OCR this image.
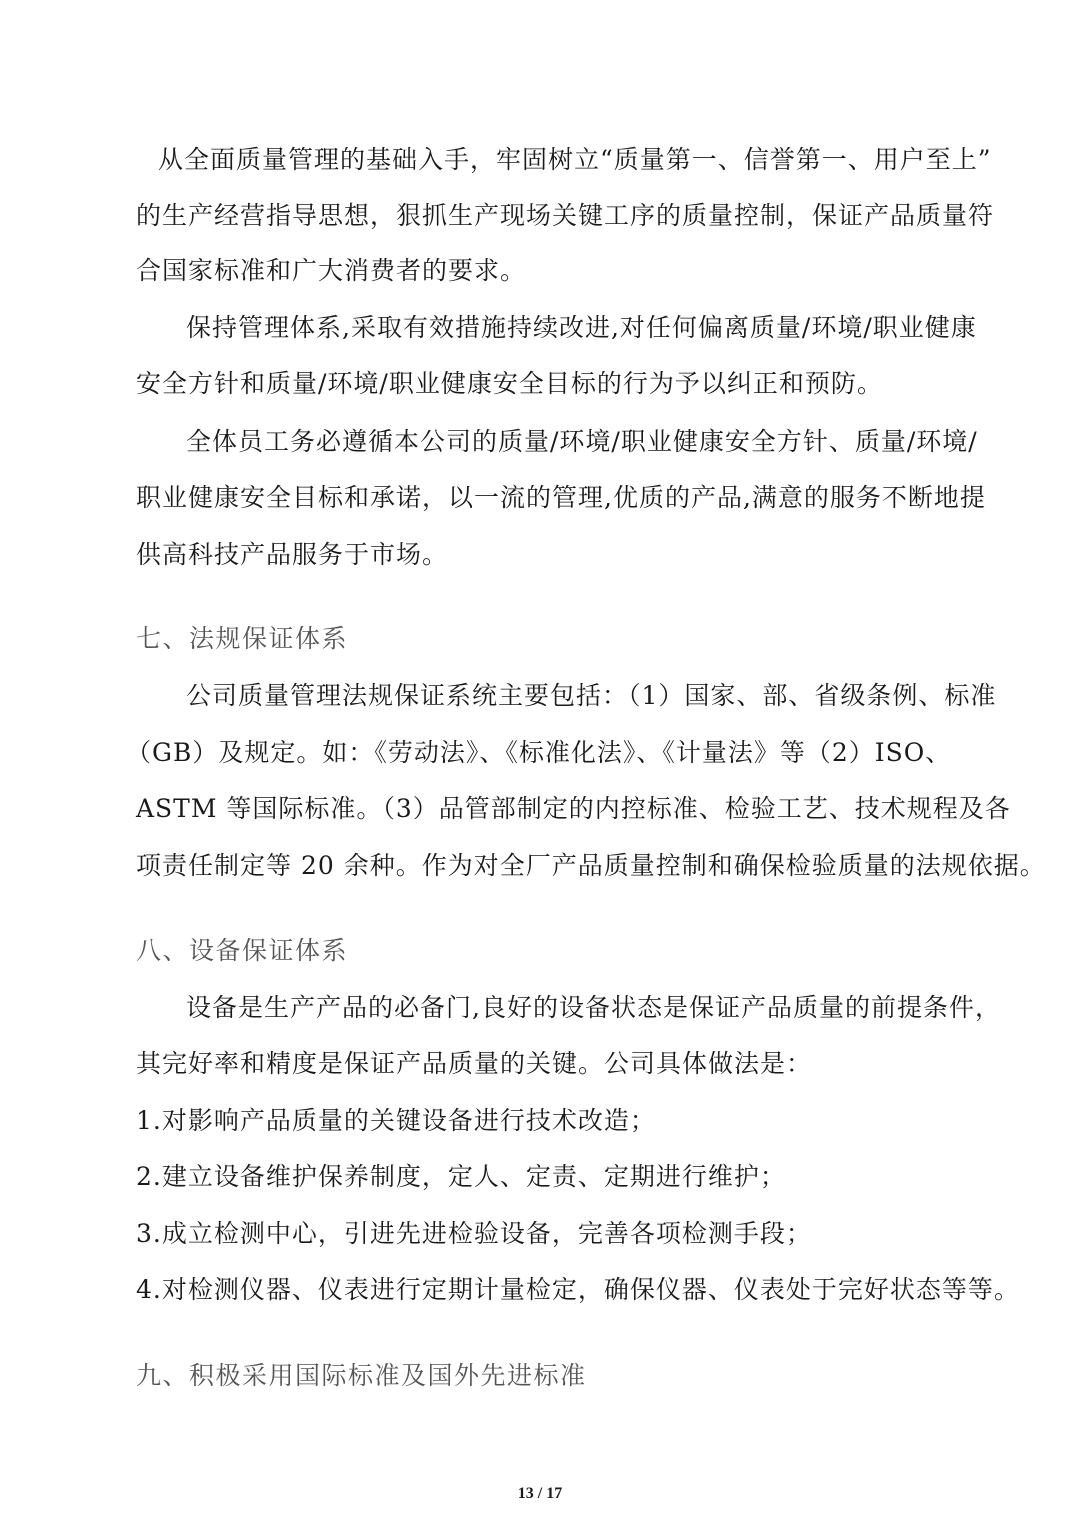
从全面质量管理的基础入手，牢固树立“质量第一、信誉第一、用户至上”
的生产经营指导思想，狠抓生产现场关键工序的质量控制，保证产品质量符
合国家标准和广大消费者的要求。
保持管理体系,采取有效措施持续改进,对任何偏离质量/环境/职业健康
安全方针和质量/环境/职业健康安全目标的行为予以纠正和预防。
全体员工务必遵循本公司的质量/环境/职业健康安全方针、质量/环境/
职业健康安全目标和承诺，以一流的管理,优质的产品,满意的服务不断地提
供高科技产品服务于市场。
七、法规保证体系
公司质量管理法规保证系统主要包括：（1）国家、部、省级条例、标准
（GB）及规定。如：《劳动法》、《标准化法》、《计量法》等（2）ISO、
ASTM 等国际标准。（3）品管部制定的内控标准、检验工艺、技术规程及各
项责任制定等 20 余种。作为对全厂产品质量控制和确保检验质量的法规依据。
八、设备保证体系
设备是生产产品的必备门,良好的设备状态是保证产品质量的前提条件，
其完好率和精度是保证产品质量的关键。公司具体做法是：
1.对影响产品质量的关键设备进行技术改造；
2.建立设备维护保养制度，定人、定责、定期进行维护；
3.成立检测中心，引进先进检验设备，完善各项检测手段；
4.对检测仪器、仪表进行定期计量检定，确保仪器、仪表处于完好状态等等。
九、积极采用国际标准及国外先进标准
13 / 17
